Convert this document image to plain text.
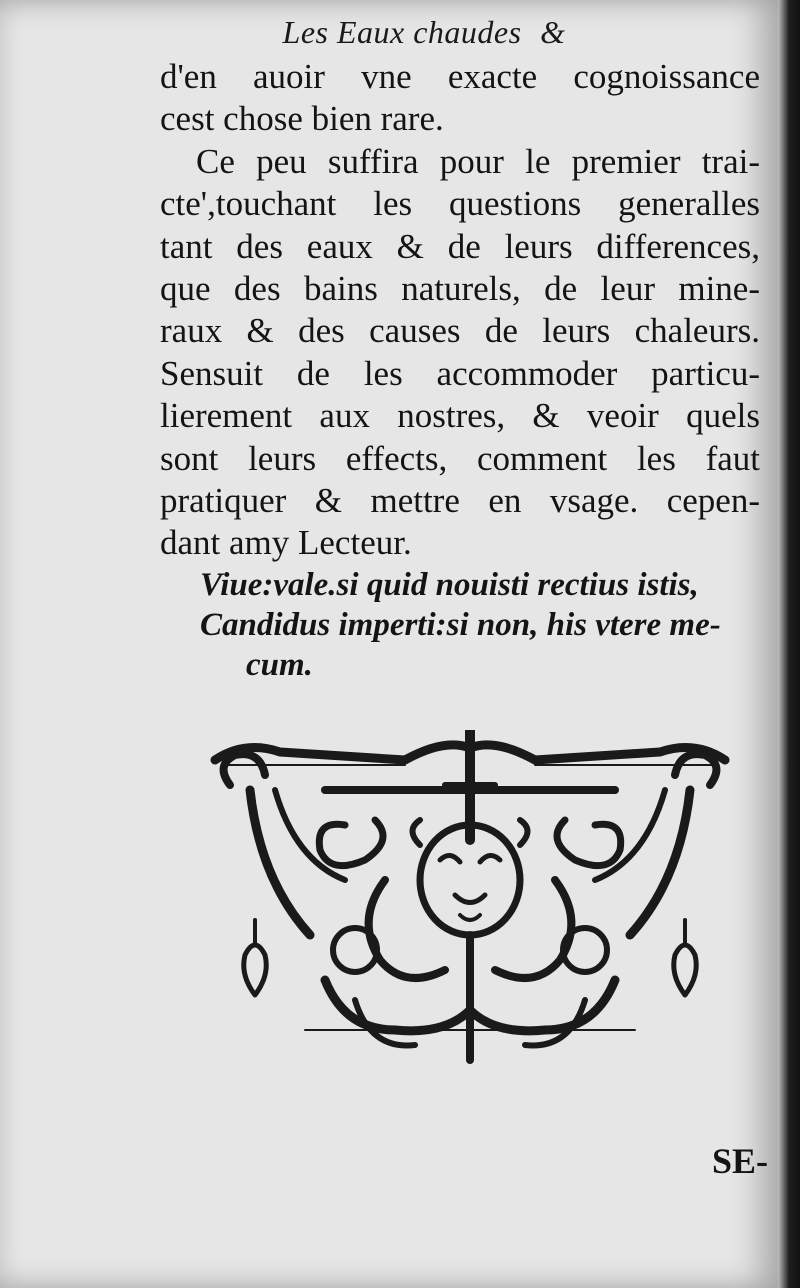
Les Eaux chaudes &
d'en auoir vne exacte cognoissance
cest chose bien rare.
Ce peu suffira pour le premier trai-
cte',touchant les questions generalles
tant des eaux & de leurs differences,
que des bains naturels, de leur mine-
raux & des causes de leurs chaleurs.
Sensuit de les accommoder particu-
lierement aux nostres, & veoir quels
sont leurs effects, comment les faut
pratiquer & mettre en vsage. cepen-
dant amy Lecteur.
Viue:vale.si quid nouisti rectius istis,
Candidus imperti:si non, his vtere me-
cum.
SE-
